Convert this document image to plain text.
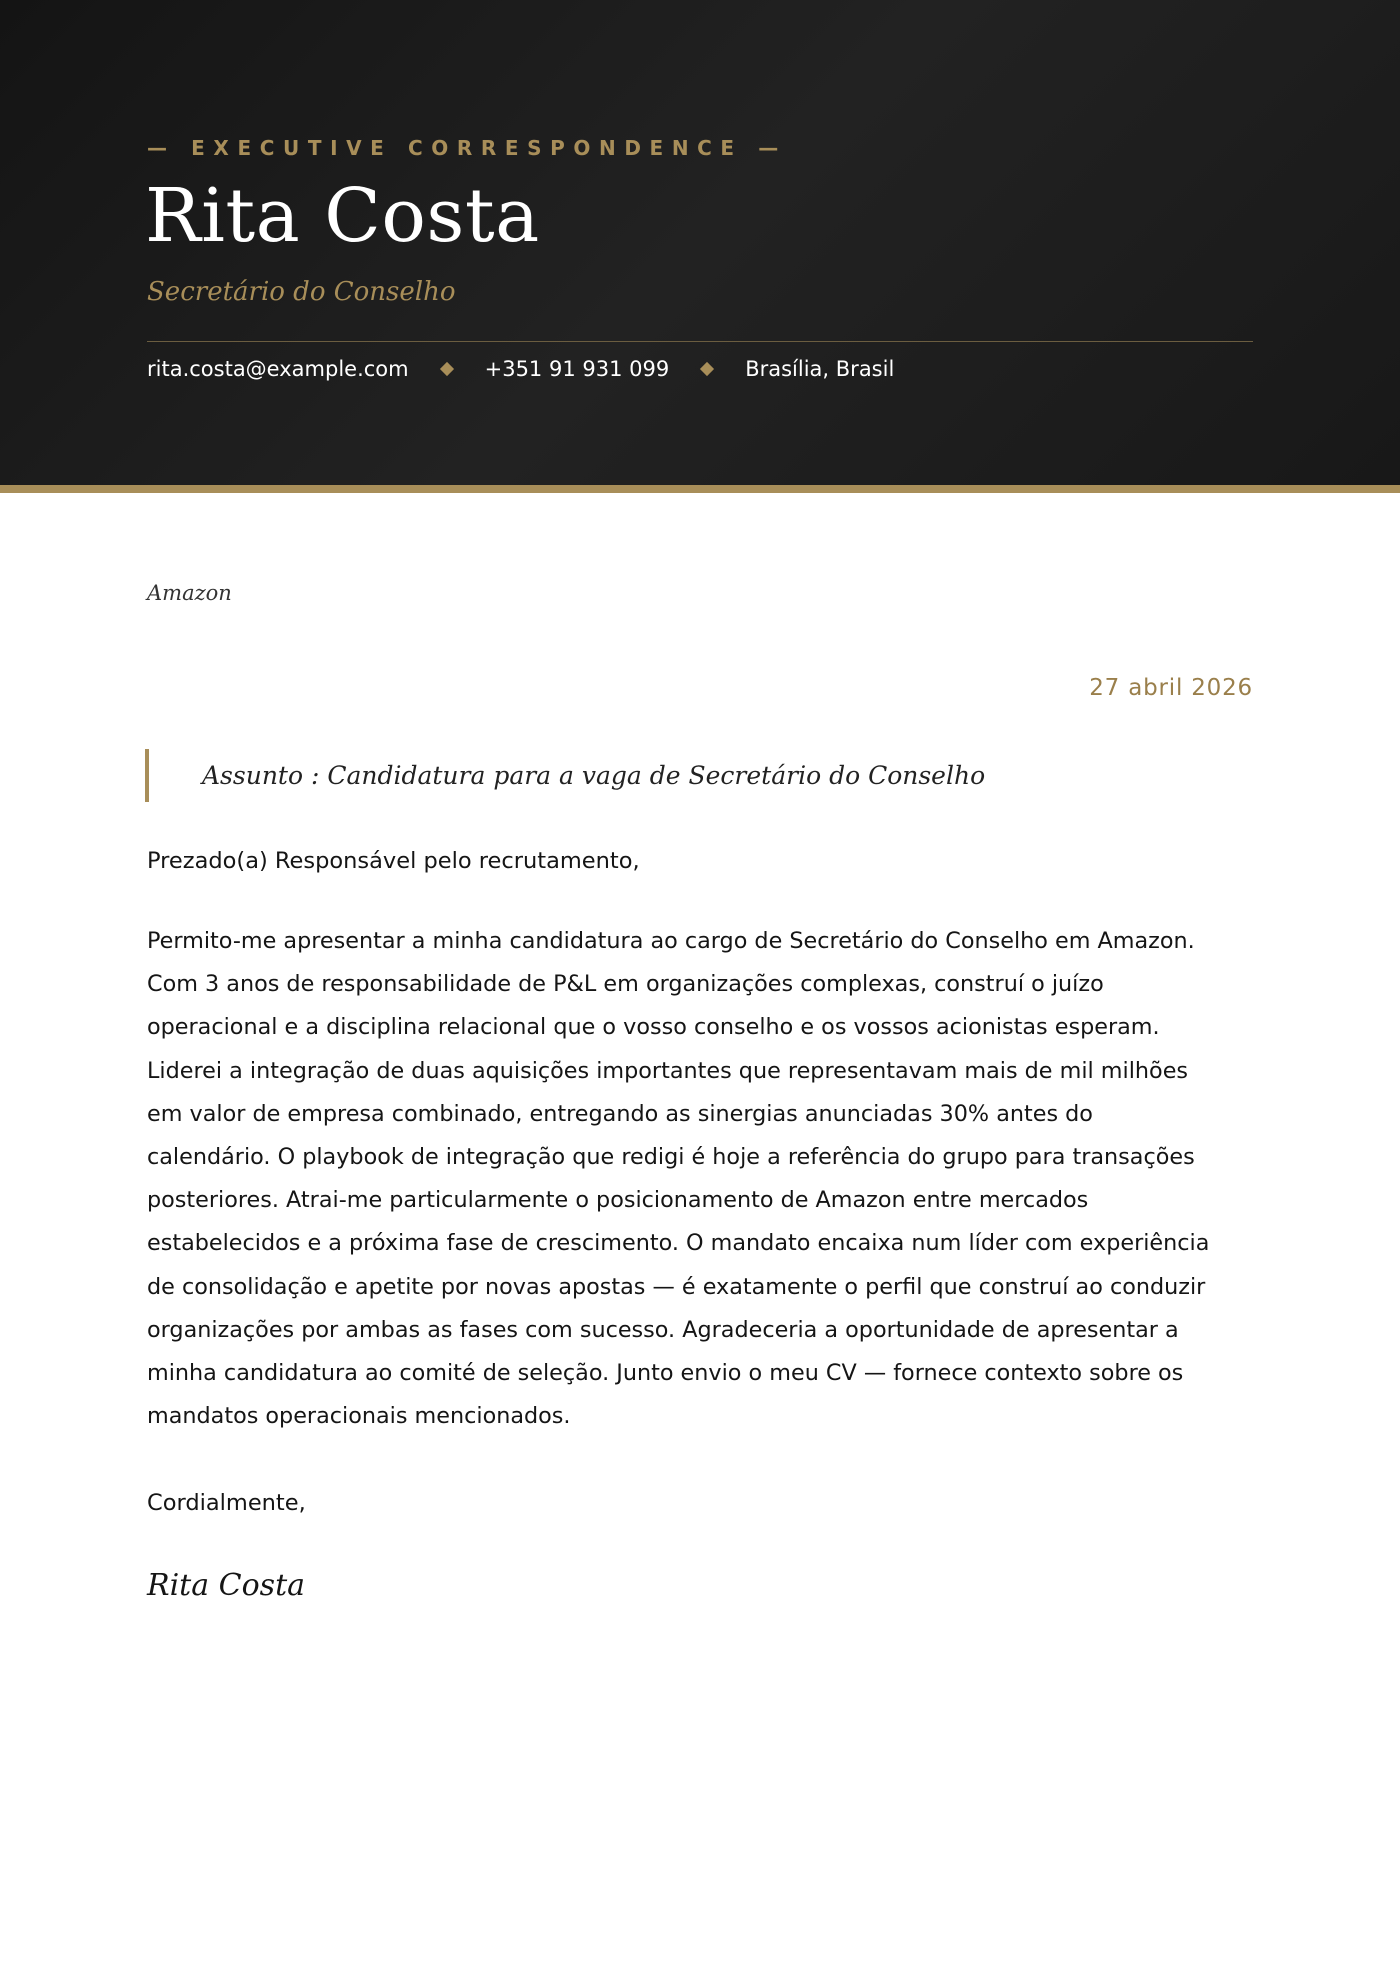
— EXECUTIVE CORRESPONDENCE —
Rita Costa
Secretário do Conselho
rita.costa@example.com	+351 91 931 099	Brasília, Brasil
Amazon
27 abril 2026
Assunto : Candidatura para a vaga de Secretário do Conselho
Prezado(a) Responsável pelo recrutamento,
Permito-me apresentar a minha candidatura ao cargo de Secretário do Conselho em Amazon.
Com 3 anos de responsabilidade de P&L em organizações complexas, construí o juízo
operacional e a disciplina relacional que o vosso conselho e os vossos acionistas esperam.
Liderei a integração de duas aquisições importantes que representavam mais de mil milhões
em valor de empresa combinado, entregando as sinergias anunciadas 30% antes do
calendário. O playbook de integração que redigi é hoje a referência do grupo para transações
posteriores. Atrai-me particularmente o posicionamento de Amazon entre mercados
estabelecidos e a próxima fase de crescimento. O mandato encaixa num líder com experiência
de consolidação e apetite por novas apostas — é exatamente o perfil que construí ao conduzir
organizações por ambas as fases com sucesso. Agradeceria a oportunidade de apresentar a
minha candidatura ao comité de seleção. Junto envio o meu CV — fornece contexto sobre os
mandatos operacionais mencionados.
Cordialmente,
Rita Costa
